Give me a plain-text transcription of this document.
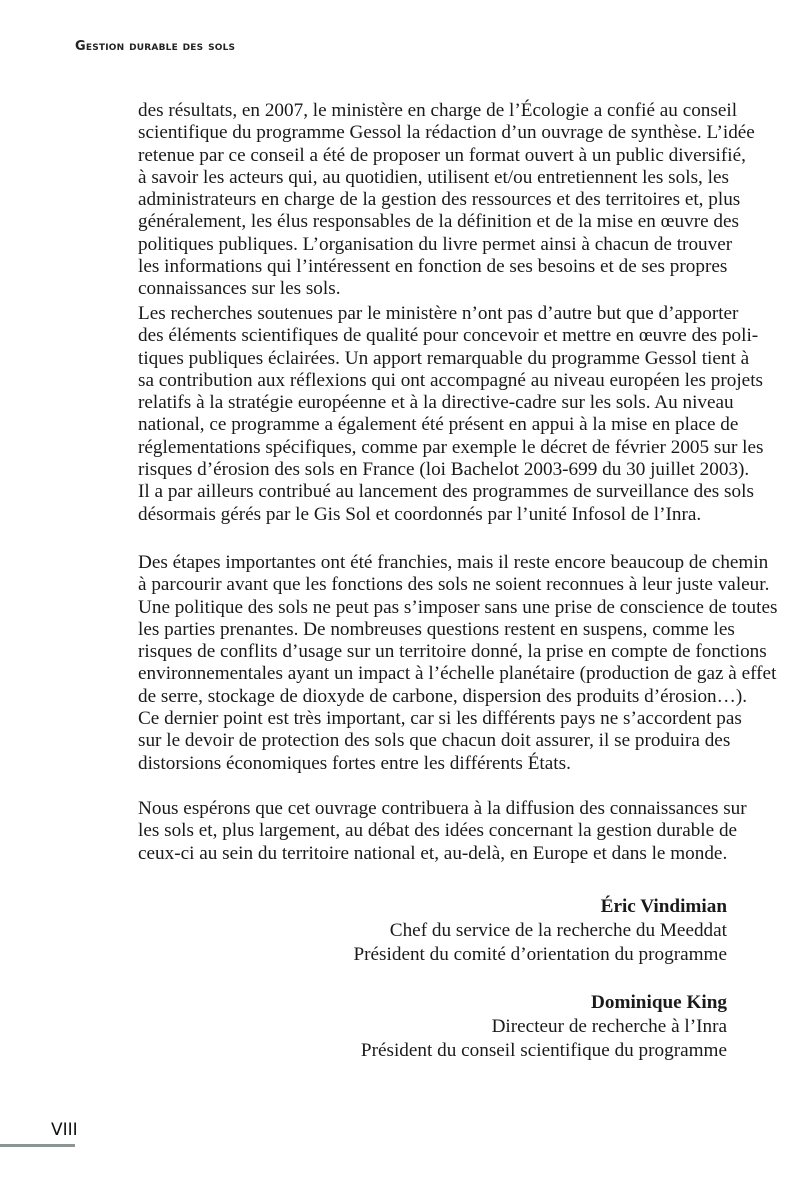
Gestion durable des sols
des résultats, en 2007, le ministère en charge de l’Écologie a confié au conseil
scientifique du programme Gessol la rédaction d’un ouvrage de synthèse. L’idée
retenue par ce conseil a été de proposer un format ouvert à un public diversifié,
à savoir les acteurs qui, au quotidien, utilisent et/ou entretiennent les sols, les
administrateurs en charge de la gestion des ressources et des territoires et, plus
généralement, les élus responsables de la définition et de la mise en œuvre des
politiques publiques. L’organisation du livre permet ainsi à chacun de trouver
les informations qui l’intéressent en fonction de ses besoins et de ses propres
connaissances sur les sols.
Les recherches soutenues par le ministère n’ont pas d’autre but que d’apporter
des éléments scientifiques de qualité pour concevoir et mettre en œuvre des poli-
tiques publiques éclairées. Un apport remarquable du programme Gessol tient à
sa contribution aux réflexions qui ont accompagné au niveau européen les projets
relatifs à la stratégie européenne et à la directive-cadre sur les sols. Au niveau
national, ce programme a également été présent en appui à la mise en place de
réglementations spécifiques, comme par exemple le décret de février 2005 sur les
risques d’érosion des sols en France (loi Bachelot 2003-699 du 30 juillet 2003).
Il a par ailleurs contribué au lancement des programmes de surveillance des sols
désormais gérés par le Gis Sol et coordonnés par l’unité Infosol de l’Inra.
Des étapes importantes ont été franchies, mais il reste encore beaucoup de chemin
à parcourir avant que les fonctions des sols ne soient reconnues à leur juste valeur.
Une politique des sols ne peut pas s’imposer sans une prise de conscience de toutes
les parties prenantes. De nombreuses questions restent en suspens, comme les
risques de conflits d’usage sur un territoire donné, la prise en compte de fonctions
environnementales ayant un impact à l’échelle planétaire (production de gaz à effet
de serre, stockage de dioxyde de carbone, dispersion des produits d’érosion…).
Ce dernier point est très important, car si les différents pays ne s’accordent pas
sur le devoir de protection des sols que chacun doit assurer, il se produira des
distorsions économiques fortes entre les différents États.
Nous espérons que cet ouvrage contribuera à la diffusion des connaissances sur
les sols et, plus largement, au débat des idées concernant la gestion durable de
ceux-ci au sein du territoire national et, au-delà, en Europe et dans le monde.
Éric Vindimian
Chef du service de la recherche du Meeddat
Président du comité d’orientation du programme
Dominique King
Directeur de recherche à l’Inra
Président du conseil scientifique du programme
VIII
